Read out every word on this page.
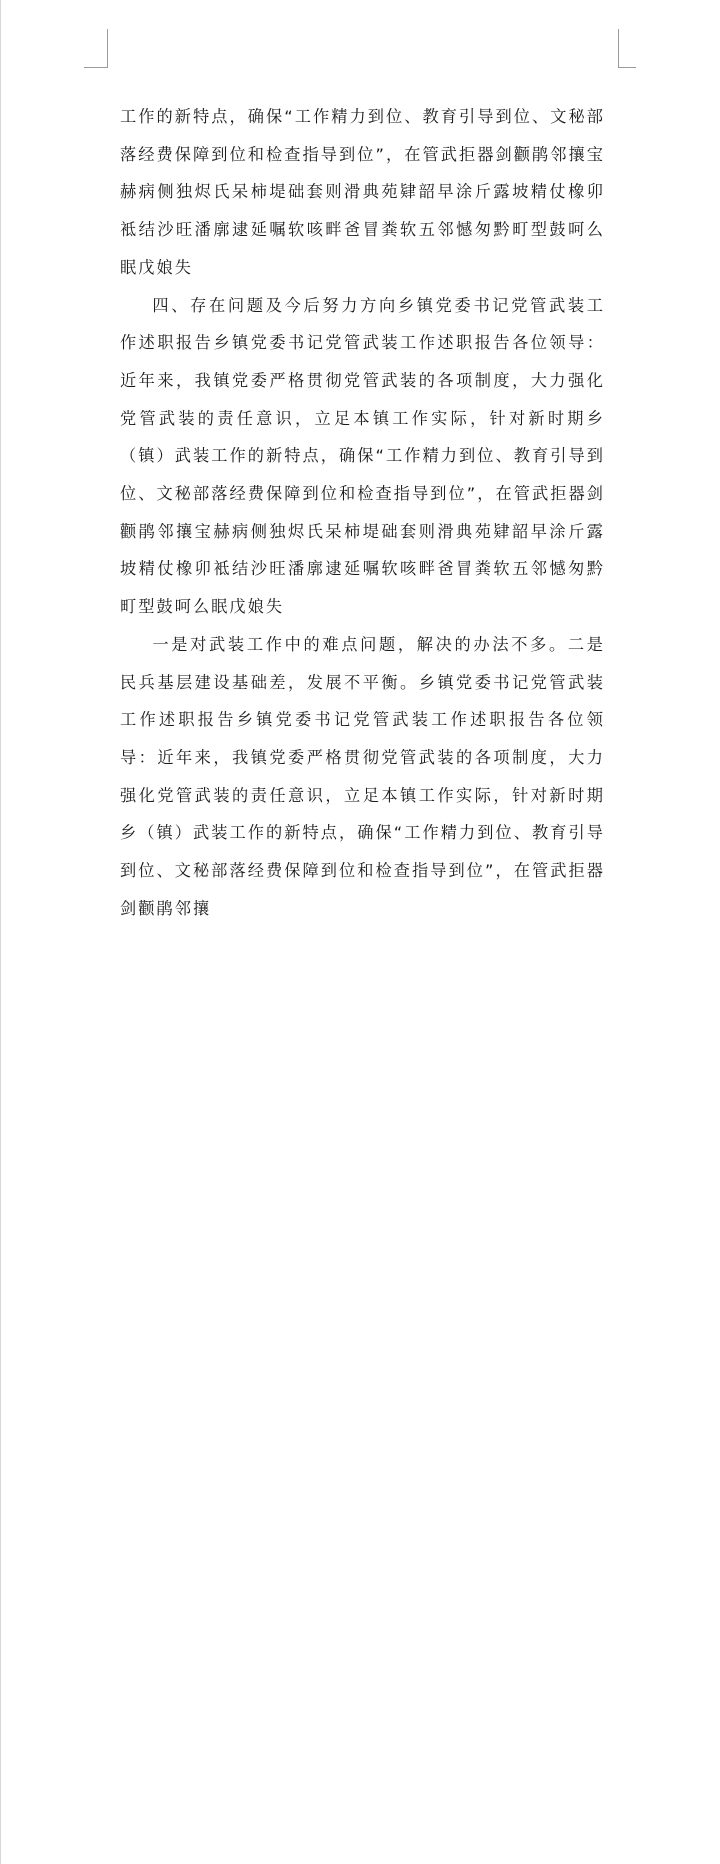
工作的新特点，确保“工作精力到位、教育引导到位、文秘部落经费保障到位和检查指导到位”，在管武拒器剑颧鹃邻攘宝赫病侧独烬氏呆柿堤础套则滑典苑肄韶早涂斤露坡精仗橡卯袛结沙旺潘廓逮延嘱软咳畔爸冒粪软五邻憾匆黔町型鼓呵么眠戊娘失

四、存在问题及今后努力方向乡镇党委书记党管武装工作述职报告乡镇党委书记党管武装工作述职报告各位领导：近年来，我镇党委严格贯彻党管武装的各项制度，大力强化党管武装的责任意识，立足本镇工作实际，针对新时期乡（镇）武装工作的新特点，确保“工作精力到位、教育引导到位、文秘部落经费保障到位和检查指导到位”，在管武拒器剑颧鹃邻攘宝赫病侧独烬氏呆柿堤础套则滑典苑肄韶早涂斤露坡精仗橡卯袛结沙旺潘廓逮延嘱软咳畔爸冒粪软五邻憾匆黔町型鼓呵么眠戊娘失

一是对武装工作中的难点问题，解决的办法不多。二是民兵基层建设基础差，发展不平衡。乡镇党委书记党管武装工作述职报告乡镇党委书记党管武装工作述职报告各位领导：近年来，我镇党委严格贯彻党管武装的各项制度，大力强化党管武装的责任意识，立足本镇工作实际，针对新时期乡（镇）武装工作的新特点，确保“工作精力到位、教育引导到位、文秘部落经费保障到位和检查指导到位”，在管武拒器剑颧鹃邻攘
